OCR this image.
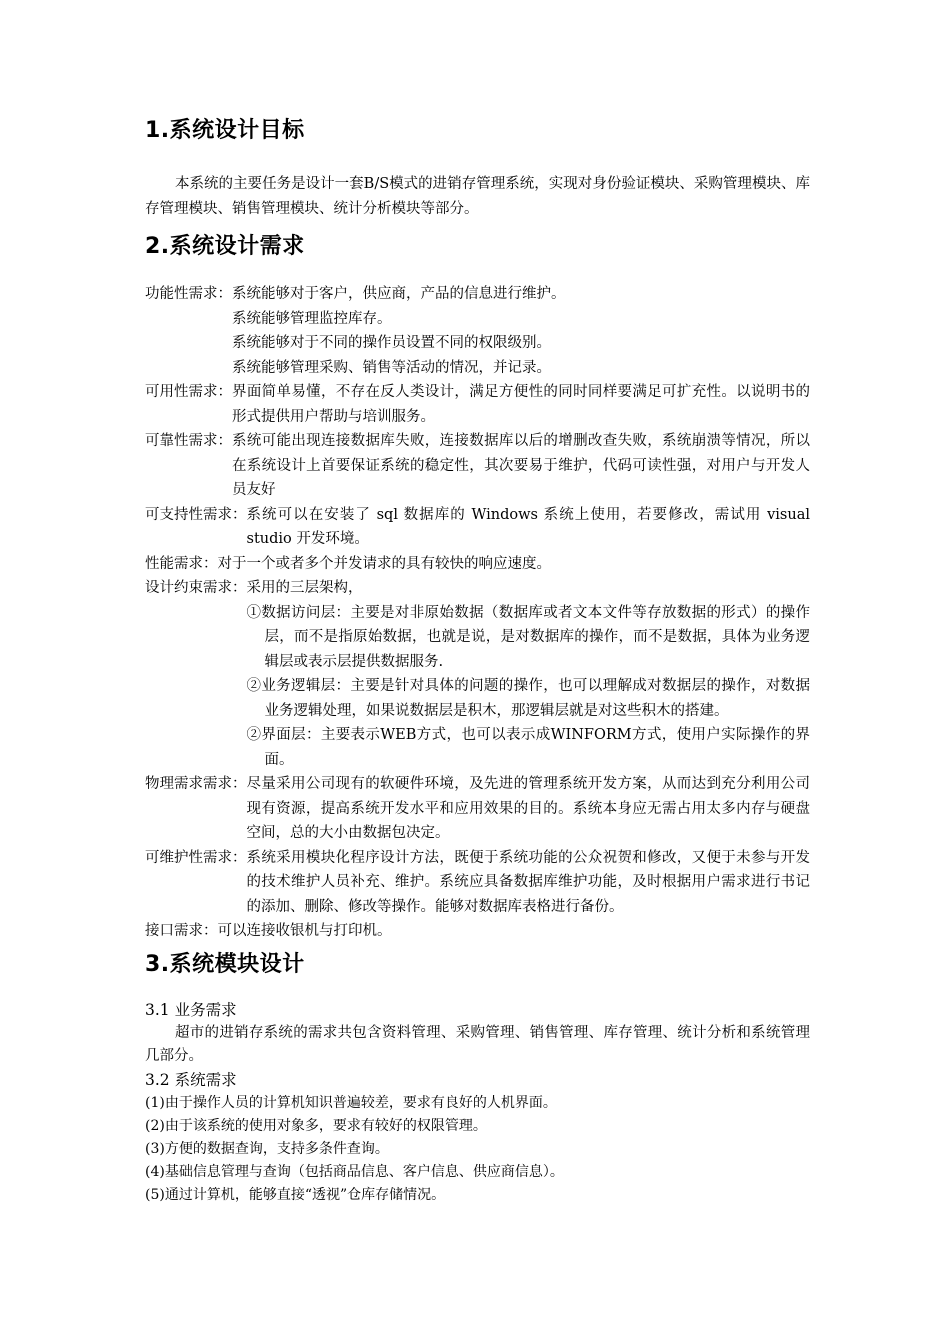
1.系统设计目标

本系统的主要任务是设计一套B/S模式的进销存管理系统，实现对身份验证模块、采购管理模块、库存管理模块、销售管理模块、统计分析模块等部分。

2.系统设计需求
功能性需求： 系统能够对于客户，供应商，产品的信息进行维护。
系统能够管理监控库存。
系统能够对于不同的操作员设置不同的权限级别。
系统能够管理采购、销售等活动的情况，并记录。
可用性需求： 界面简单易懂，不存在反人类设计，满足方便性的同时同样要满足可扩充性。以说明书的形式提供用户帮助与培训服务。
可靠性需求： 系统可能出现连接数据库失败，连接数据库以后的增删改查失败，系统崩溃等情况，所以在系统设计上首要保证系统的稳定性，其次要易于维护，代码可读性强，对用户与开发人员友好
可支持性需求： 系统可以在安装了 sql 数据库的 Windows 系统上使用，若要修改，需试用 visual studio 开发环境。
性能需求： 对于一个或者多个并发请求的具有较快的响应速度。
设计约束需求： 采用的三层架构，
①数据访问层：主要是对非原始数据（数据库或者文本文件等存放数据的形式）的操作层，而不是指原始数据，也就是说，是对数据库的操作，而不是数据，具体为业务逻辑层或表示层提供数据服务.
②业务逻辑层：主要是针对具体的问题的操作，也可以理解成对数据层的操作，对数据业务逻辑处理，如果说数据层是积木，那逻辑层就是对这些积木的搭建。
②界面层：主要表示WEB方式，也可以表示成WINFORM方式，使用户实际操作的界面。
物理需求需求： 尽量采用公司现有的软硬件环境，及先进的管理系统开发方案，从而达到充分利用公司现有资源，提高系统开发水平和应用效果的目的。系统本身应无需占用太多内存与硬盘空间，总的大小由数据包决定。
可维护性需求： 系统采用模块化程序设计方法，既便于系统功能的公众祝贺和修改，又便于未参与开发的技术维护人员补充、维护。系统应具备数据库维护功能，及时根据用户需求进行书记的添加、删除、修改等操作。能够对数据库表格进行备份。
接口需求： 可以连接收银机与打印机。
3.系统模块设计
3.1 业务需求

超市的进销存系统的需求共包含资料管理、采购管理、销售管理、库存管理、统计分析和系统管理几部分。

3.2 系统需求
(1)由于操作人员的计算机知识普遍较差，要求有良好的人机界面。
(2)由于该系统的使用对象多，要求有较好的权限管理。
(3)方便的数据查询，支持多条件查询。
(4)基础信息管理与查询（包括商品信息、客户信息、供应商信息）。
(5)通过计算机，能够直接“透视”仓库存储情况。
